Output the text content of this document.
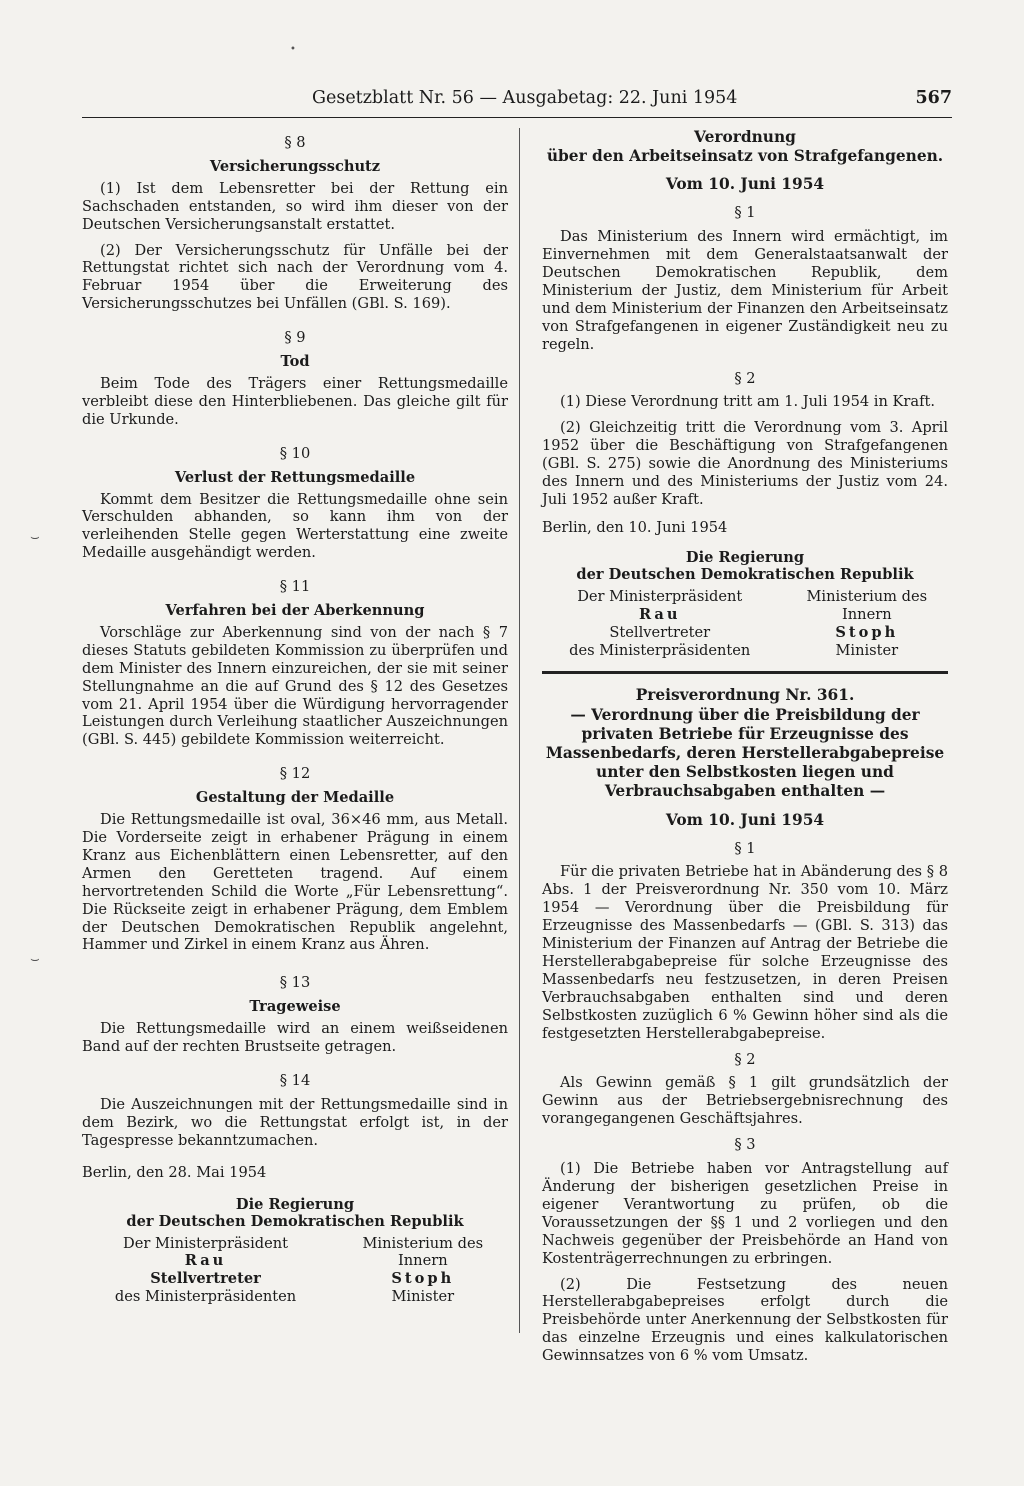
Gesetzblatt Nr. 56 — Ausgabetag: 22. Juni 1954	567
§ 8
Versicherungsschutz

(1) Ist dem Lebensretter bei der Rettung ein Sachschaden entstanden, so wird ihm dieser von der Deutschen Versicherungsanstalt erstattet.

(2) Der Versicherungsschutz für Unfälle bei der Rettungstat richtet sich nach der Verordnung vom 4. Februar 1954 über die Erweiterung des Versicherungsschutzes bei Unfällen (GBl. S. 169).

§ 9
Tod

Beim Tode des Trägers einer Rettungsmedaille verbleibt diese den Hinterbliebenen. Das gleiche gilt für die Urkunde.

§ 10
Verlust der Rettungsmedaille

Kommt dem Besitzer die Rettungsmedaille ohne sein Verschulden abhanden, so kann ihm von der verleihenden Stelle gegen Werterstattung eine zweite Medaille ausgehändigt werden.

§ 11
Verfahren bei der Aberkennung

Vorschläge zur Aberkennung sind von der nach § 7 dieses Statuts gebildeten Kommission zu überprüfen und dem Minister des Innern einzureichen, der sie mit seiner Stellungnahme an die auf Grund des § 12 des Gesetzes vom 21. April 1954 über die Würdigung hervorragender Leistungen durch Verleihung staatlicher Auszeichnungen (GBl. S. 445) gebildete Kommission weiterreicht.

§ 12
Gestaltung der Medaille

Die Rettungsmedaille ist oval, 36×46 mm, aus Metall. Die Vorderseite zeigt in erhabener Prägung in einem Kranz aus Eichenblättern einen Lebensretter, auf den Armen den Geretteten tragend. Auf einem hervortretenden Schild die Worte „Für Lebensrettung“. Die Rückseite zeigt in erhabener Prägung, dem Emblem der Deutschen Demokratischen Republik angelehnt, Hammer und Zirkel in einem Kranz aus Ähren.

§ 13
Trageweise

Die Rettungsmedaille wird an einem weißseidenen Band auf der rechten Brustseite getragen.

§ 14

Die Auszeichnungen mit der Rettungsmedaille sind in dem Bezirk, wo die Rettungstat erfolgt ist, in der Tagespresse bekanntzumachen.

Berlin, den 28. Mai 1954

Die Regierung
der Deutschen Demokratischen Republik
Der Ministerpräsident
Rau
Stellvertreter
des Ministerpräsidenten
Ministerium des Innern
Stoph
Minister
Verordnung
über den Arbeitseinsatz von Strafgefangenen.
Vom 10. Juni 1954
§ 1

Das Ministerium des Innern wird ermächtigt, im Einvernehmen mit dem Generalstaatsanwalt der Deutschen Demokratischen Republik, dem Ministerium der Justiz, dem Ministerium für Arbeit und dem Ministerium der Finanzen den Arbeitseinsatz von Strafgefangenen in eigener Zuständigkeit neu zu regeln.

§ 2

(1) Diese Verordnung tritt am 1. Juli 1954 in Kraft.

(2) Gleichzeitig tritt die Verordnung vom 3. April 1952 über die Beschäftigung von Strafgefangenen (GBl. S. 275) sowie die Anordnung des Ministeriums des Innern und des Ministeriums der Justiz vom 24. Juli 1952 außer Kraft.

Berlin, den 10. Juni 1954

Die Regierung
der Deutschen Demokratischen Republik
Der Ministerpräsident
Rau
Stellvertreter
des Ministerpräsidenten
Ministerium des Innern
Stoph
Minister
Preisverordnung Nr. 361.
— Verordnung über die Preisbildung der privaten Betriebe für Erzeugnisse des Massenbedarfs, deren Herstellerabgabepreise unter den Selbstkosten liegen und Verbrauchsabgaben enthalten —
Vom 10. Juni 1954
§ 1

Für die privaten Betriebe hat in Abänderung des § 8 Abs. 1 der Preisverordnung Nr. 350 vom 10. März 1954 — Verordnung über die Preisbildung für Erzeugnisse des Massenbedarfs — (GBl. S. 313) das Ministerium der Finanzen auf Antrag der Betriebe die Herstellerabgabepreise für solche Erzeugnisse des Massenbedarfs neu festzusetzen, in deren Preisen Verbrauchsabgaben enthalten sind und deren Selbstkosten zuzüglich 6 % Gewinn höher sind als die festgesetzten Herstellerabgabepreise.

§ 2

Als Gewinn gemäß § 1 gilt grundsätzlich der Gewinn aus der Betriebsergebnisrechnung des vorangegangenen Geschäftsjahres.

§ 3

(1) Die Betriebe haben vor Antragstellung auf Änderung der bisherigen gesetzlichen Preise in eigener Verantwortung zu prüfen, ob die Voraussetzungen der §§ 1 und 2 vorliegen und den Nachweis gegenüber der Preisbehörde an Hand von Kostenträgerrechnungen zu erbringen.

(2) Die Festsetzung des neuen Herstellerabgabepreises erfolgt durch die Preisbehörde unter Anerkennung der Selbstkosten für das einzelne Erzeugnis und eines kalkulatorischen Gewinnsatzes von 6 % vom Umsatz.

⌣
⌣
•
